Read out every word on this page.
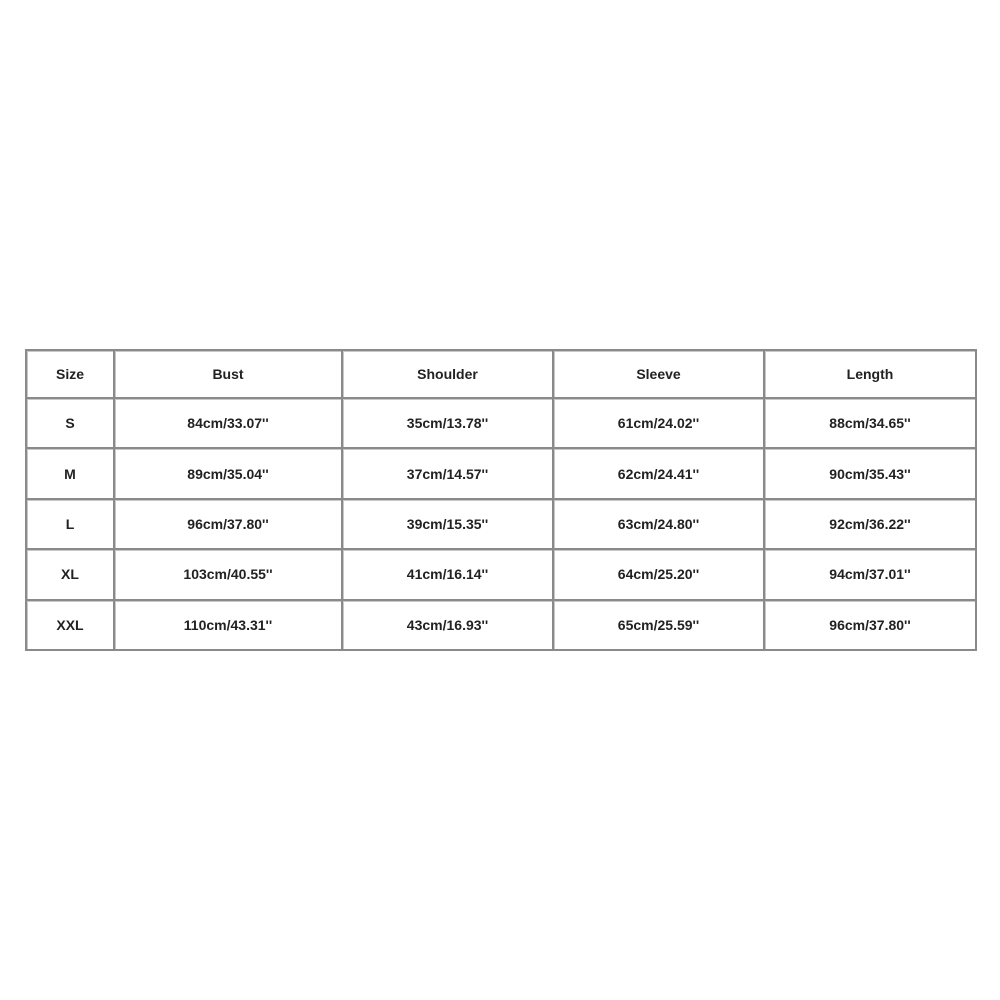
Size	Bust	Shoulder	Sleeve	Length
S	84cm/33.07''	35cm/13.78''	61cm/24.02''	88cm/34.65''
M	89cm/35.04''	37cm/14.57''	62cm/24.41''	90cm/35.43''
L	96cm/37.80''	39cm/15.35''	63cm/24.80''	92cm/36.22''
XL	103cm/40.55''	41cm/16.14''	64cm/25.20''	94cm/37.01''
XXL	110cm/43.31''	43cm/16.93''	65cm/25.59''	96cm/37.80''
